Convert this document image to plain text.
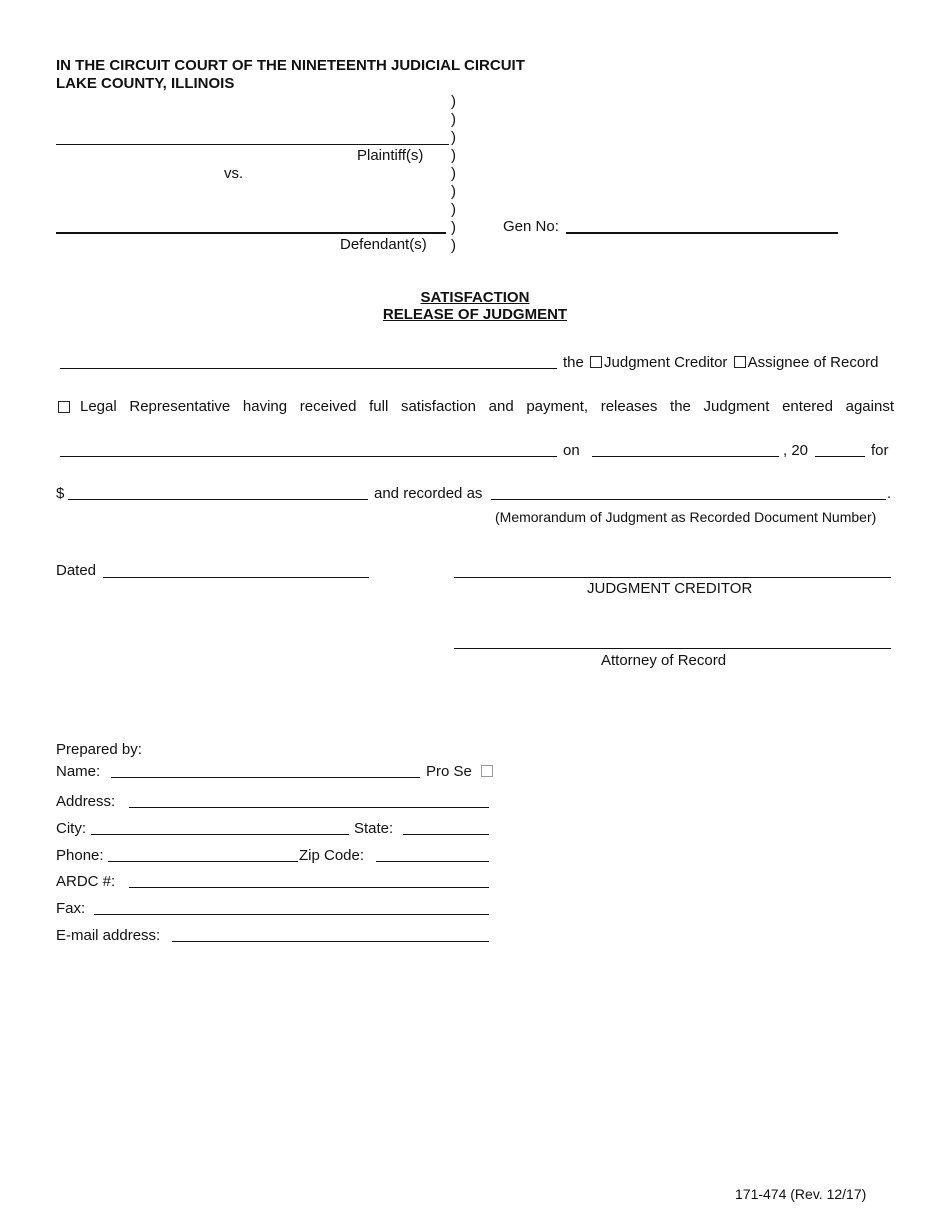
IN THE CIRCUIT COURT OF THE NINETEENTH JUDICIAL CIRCUIT
LAKE COUNTY, ILLINOIS
)
)
)
)
)
)
)
)
)
Plaintiff(s)
vs.
Defendant(s)
Gen No:
SATISFACTION
RELEASE OF JUDGMENT
the Judgment Creditor Assignee of Record
Legal Representative having received full satisfaction and payment, releases the Judgment entered against
on	, 20	for
$	and recorded as	.
(Memorandum of Judgment as Recorded Document Number)
Dated
JUDGMENT CREDITOR
Attorney of Record
Prepared by:
Name:	Pro Se
Address:
City:	State:
Phone:	Zip Code:
ARDC #:
Fax:
E-mail address:
171-474 (Rev. 12/17)
